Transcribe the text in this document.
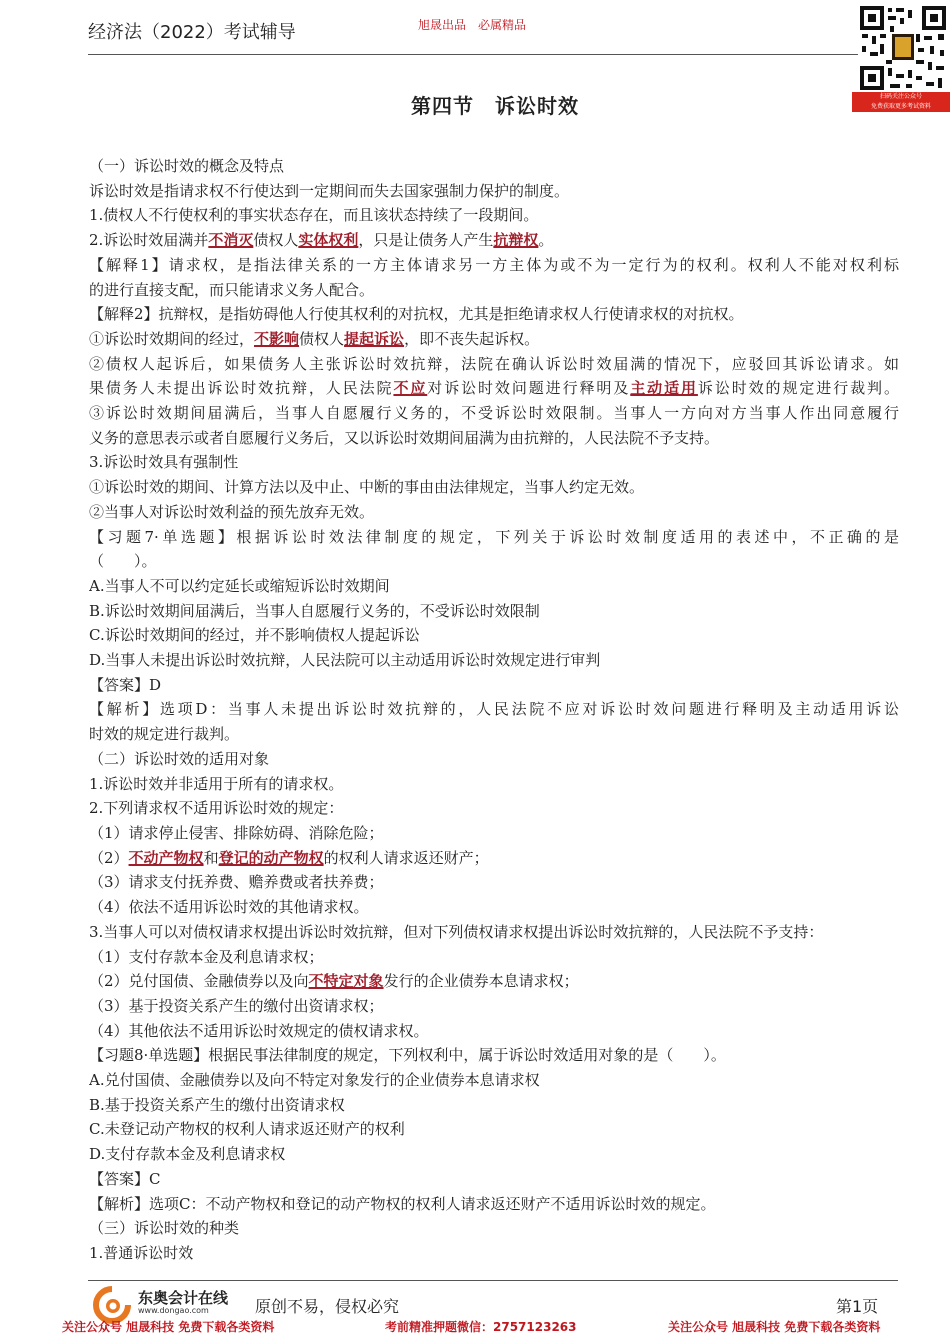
经济法（2022）考试辅导	旭晟出品　必属精品
扫码关注公众号
免费获取更多考试资料
第四节　诉讼时效
（一）诉讼时效的概念及特点
诉讼时效是指请求权不行使达到一定期间而失去国家强制力保护的制度。
1.债权人不行使权利的事实状态存在，而且该状态持续了一段期间。
2.诉讼时效届满并不消灭债权人实体权利，只是让债务人产生抗辩权。
【解释1】请求权，是指法律关系的一方主体请求另一方主体为或不为一定行为的权利。权利人不能对权利标
的进行直接支配，而只能请求义务人配合。
【解释2】抗辩权，是指妨碍他人行使其权利的对抗权，尤其是拒绝请求权人行使请求权的对抗权。
①诉讼时效期间的经过，不影响债权人提起诉讼，即不丧失起诉权。
②债权人起诉后，如果债务人主张诉讼时效抗辩，法院在确认诉讼时效届满的情况下，应驳回其诉讼请求。如
果债务人未提出诉讼时效抗辩，人民法院不应对诉讼时效问题进行释明及主动适用诉讼时效的规定进行裁判。
③诉讼时效期间届满后，当事人自愿履行义务的，不受诉讼时效限制。当事人一方向对方当事人作出同意履行
义务的意思表示或者自愿履行义务后，又以诉讼时效期间届满为由抗辩的，人民法院不予支持。
3.诉讼时效具有强制性
①诉讼时效的期间、计算方法以及中止、中断的事由由法律规定，当事人约定无效。
②当事人对诉讼时效利益的预先放弃无效。
【习题7·单选题】根据诉讼时效法律制度的规定，下列关于诉讼时效制度适用的表述中，不正确的是
（　　）。
A.当事人不可以约定延长或缩短诉讼时效期间
B.诉讼时效期间届满后，当事人自愿履行义务的，不受诉讼时效限制
C.诉讼时效期间的经过，并不影响债权人提起诉讼
D.当事人未提出诉讼时效抗辩，人民法院可以主动适用诉讼时效规定进行审判
【答案】D
【解析】选项D：当事人未提出诉讼时效抗辩的，人民法院不应对诉讼时效问题进行释明及主动适用诉讼
时效的规定进行裁判。
（二）诉讼时效的适用对象
1.诉讼时效并非适用于所有的请求权。
2.下列请求权不适用诉讼时效的规定：
（1）请求停止侵害、排除妨碍、消除危险；
（2）不动产物权和登记的动产物权的权利人请求返还财产；
（3）请求支付抚养费、赡养费或者扶养费；
（4）依法不适用诉讼时效的其他请求权。
3.当事人可以对债权请求权提出诉讼时效抗辩，但对下列债权请求权提出诉讼时效抗辩的，人民法院不予支持：
（1）支付存款本金及利息请求权；
（2）兑付国债、金融债券以及向不特定对象发行的企业债券本息请求权；
（3）基于投资关系产生的缴付出资请求权；
（4）其他依法不适用诉讼时效规定的债权请求权。
【习题8·单选题】根据民事法律制度的规定，下列权利中，属于诉讼时效适用对象的是（　　）。
A.兑付国债、金融债券以及向不特定对象发行的企业债券本息请求权
B.基于投资关系产生的缴付出资请求权
C.未登记动产物权的权利人请求返还财产的权利
D.支付存款本金及利息请求权
【答案】C
【解析】选项C：不动产物权和登记的动产物权的权利人请求返还财产不适用诉讼时效的规定。
（三）诉讼时效的种类
1.普通诉讼时效
东奥会计在线
www.dongao.com	原创不易，侵权必究	第1页
关注公众号 旭晟科技 免费下载各类资料	考前精准押题微信：2757123263	关注公众号 旭晟科技 免费下载各类资料
